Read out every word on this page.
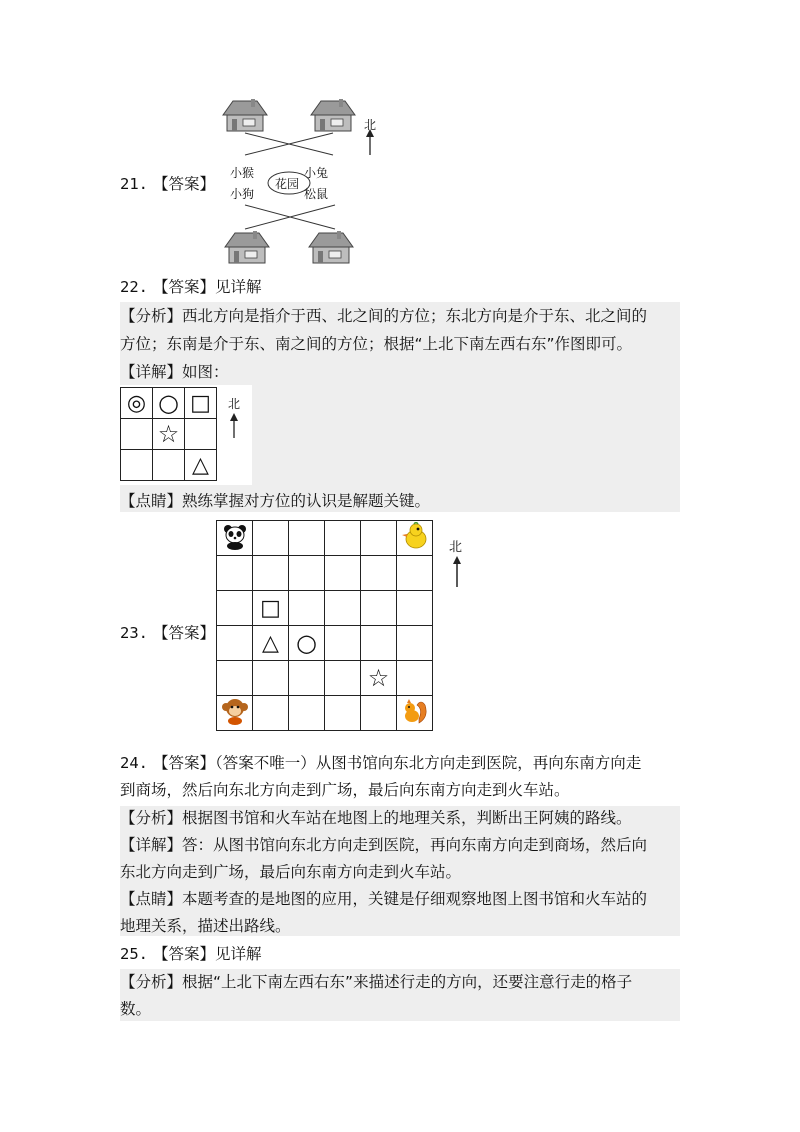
21. 【答案】	花园
小猴	小兔
小狗	松鼠
北
22. 【答案】见详解
【分析】西北方向是指介于西、北之间的方位；东北方向是介于东、北之间的
方位；东南是介于东、南之间的方位；根据“上北下南左西右东”作图即可。
【详解】如图：
◎	○	□
	☆	
		△
北
【点睛】熟练掌握对方位的认识是解题关键。
23. 【答案】

	□				
	△	○			
				☆	

北
24. 【答案】（答案不唯一）从图书馆向东北方向走到医院，再向东南方向走
到商场，然后向东北方向走到广场，最后向东南方向走到火车站。
【分析】根据图书馆和火车站在地图上的地理关系，判断出王阿姨的路线。
【详解】答：从图书馆向东北方向走到医院，再向东南方向走到商场，然后向
东北方向走到广场，最后向东南方向走到火车站。
【点睛】本题考查的是地图的应用，关键是仔细观察地图上图书馆和火车站的
地理关系，描述出路线。
25. 【答案】见详解
【分析】根据“上北下南左西右东”来描述行走的方向，还要注意行走的格子
数。
